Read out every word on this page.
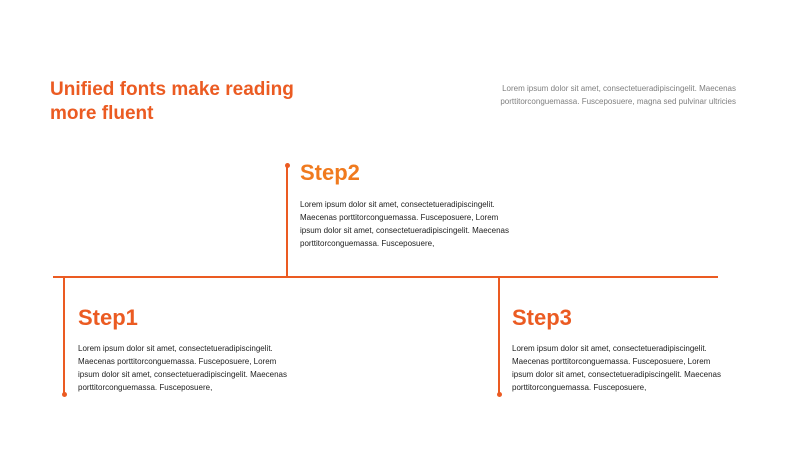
Unified fonts make reading more fluent

Lorem ipsum dolor sit amet, consectetueradipiscingelit. Maecenas porttitorconguemassa. Fusceposuere, magna sed pulvinar ultricies

Step2

Lorem ipsum dolor sit amet, consectetueradipiscingelit. Maecenas porttitorconguemassa. Fusceposuere, Lorem ipsum dolor sit amet, consectetueradipiscingelit. Maecenas porttitorconguemassa. Fusceposuere,

Step1

Lorem ipsum dolor sit amet, consectetueradipiscingelit. Maecenas porttitorconguemassa. Fusceposuere, Lorem ipsum dolor sit amet, consectetueradipiscingelit. Maecenas porttitorconguemassa. Fusceposuere,

Step3

Lorem ipsum dolor sit amet, consectetueradipiscingelit. Maecenas porttitorconguemassa. Fusceposuere, Lorem ipsum dolor sit amet, consectetueradipiscingelit. Maecenas porttitorconguemassa. Fusceposuere,
